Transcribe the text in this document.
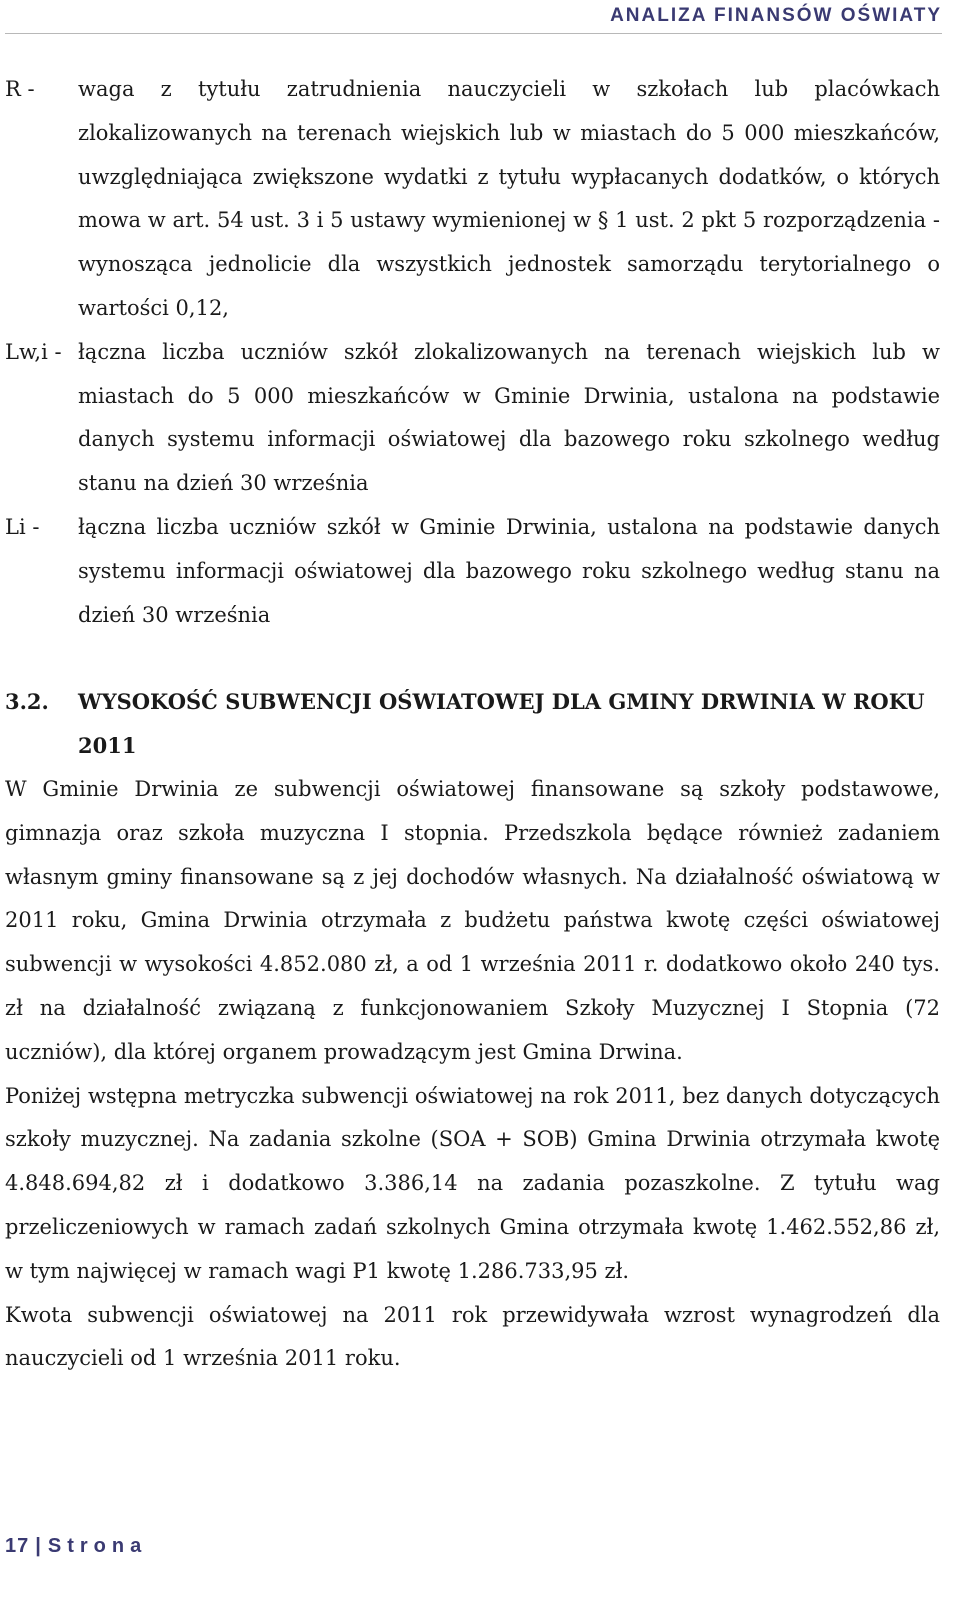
ANALIZA FINANSÓW OŚWIATY
R - waga z tytułu zatrudnienia nauczycieli w szkołach lub placówkach zlokalizowanych na terenach wiejskich lub w miastach do 5 000 mieszkańców, uwzględniająca zwiększone wydatki z tytułu wypłacanych dodatków, o których mowa w art. 54 ust. 3 i 5 ustawy wymienionej w § 1 ust. 2 pkt 5 rozporządzenia - wynosząca jednolicie dla wszystkich jednostek samorządu terytorialnego o wartości 0,12,

Lw,i - łączna liczba uczniów szkół zlokalizowanych na terenach wiejskich lub w miastach do 5 000 mieszkańców w Gminie Drwinia, ustalona na podstawie danych systemu informacji oświatowej dla bazowego roku szkolnego według stanu na dzień 30 września

Li - łączna liczba uczniów szkół w Gminie Drwinia, ustalona na podstawie danych systemu informacji oświatowej dla bazowego roku szkolnego według stanu na dzień 30 września

3.2. WYSOKOŚĆ SUBWENCJI OŚWIATOWEJ DLA GMINY DRWINIA W ROKU 2011

W Gminie Drwinia ze subwencji oświatowej finansowane są szkoły podstawowe, gimnazja oraz szkoła muzyczna I stopnia. Przedszkola będące również zadaniem własnym gminy finansowane są z jej dochodów własnych. Na działalność oświatową w 2011 roku, Gmina Drwinia otrzymała z budżetu państwa kwotę części oświatowej subwencji w wysokości 4.852.080 zł, a od 1 września 2011 r. dodatkowo około 240 tys. zł na działalność związaną z funkcjonowaniem Szkoły Muzycznej I Stopnia (72 uczniów), dla której organem prowadzącym jest Gmina Drwina.

Poniżej wstępna metryczka subwencji oświatowej na rok 2011, bez danych dotyczących szkoły muzycznej. Na zadania szkolne (SOA + SOB) Gmina Drwinia otrzymała kwotę 4.848.694,82 zł i dodatkowo 3.386,14 na zadania pozaszkolne. Z tytułu wag przeliczeniowych w ramach zadań szkolnych Gmina otrzymała kwotę 1.462.552,86 zł, w tym najwięcej w ramach wagi P1 kwotę 1.286.733,95 zł.

Kwota subwencji oświatowej na 2011 rok przewidywała wzrost wynagrodzeń dla nauczycieli od 1 września 2011 roku.

17 | Strona
